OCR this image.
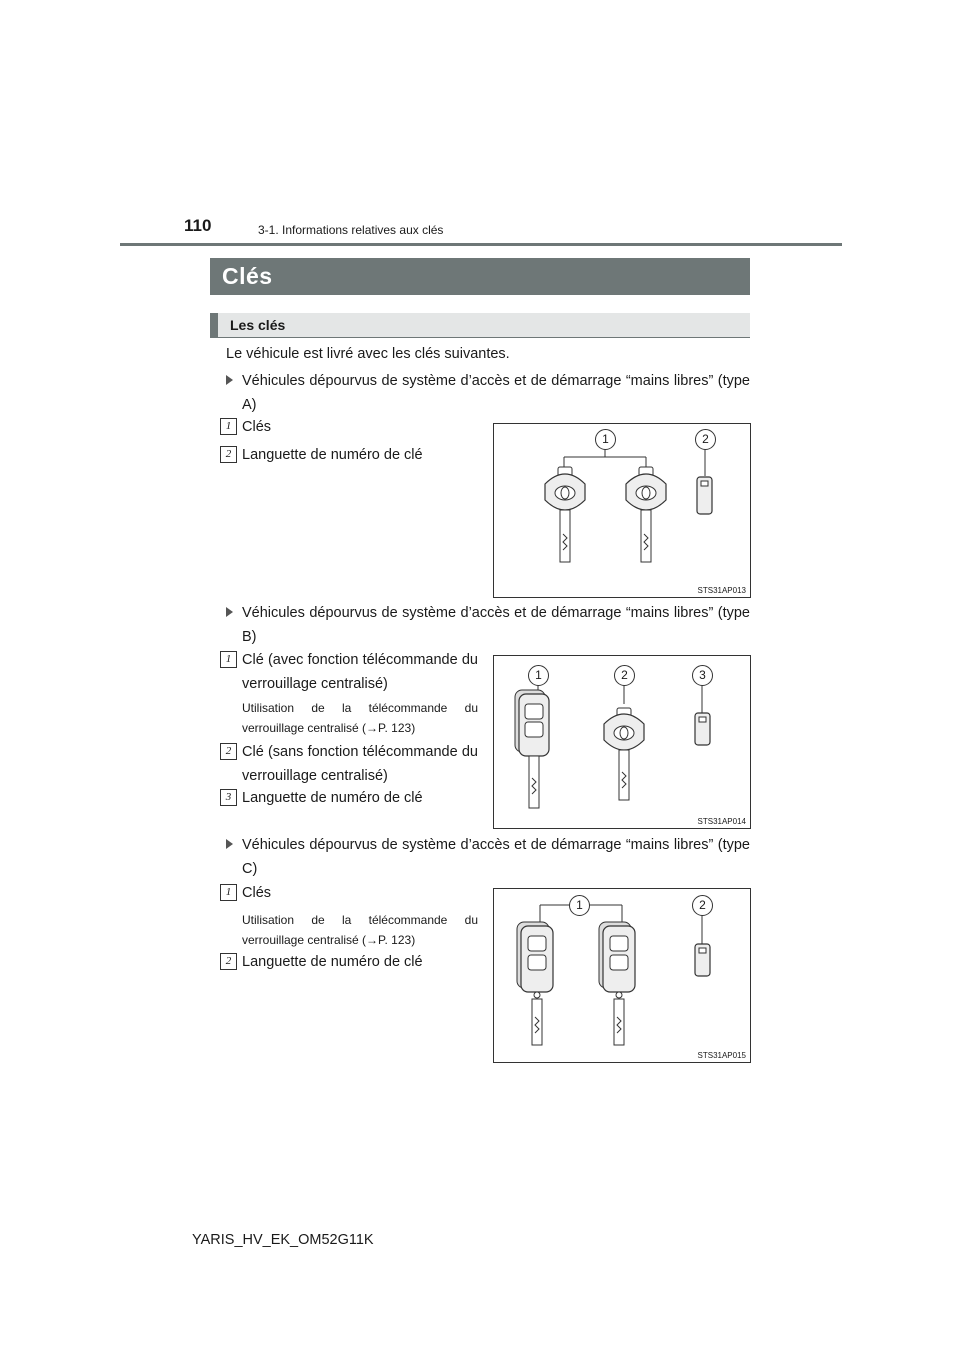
110	3-1. Informations relatives aux clés
Clés
Les clés
Le véhicule est livré avec les clés suivantes.
Véhicules dépourvus de système d’accès et de démarrage “mains libres” (type A)
1 Clés
2 Languette de numéro de clé
1	2
STS31AP013
Véhicules dépourvus de système d’accès et de démarrage “mains libres” (type B)
1 Clé (avec fonction télécommande du verrouillage centralisé)
Utilisation de la télécommande du verrouillage centralisé (→P. 123)
2 Clé (sans fonction télécommande du verrouillage centralisé)
3 Languette de numéro de clé
1	2	3
STS31AP014
Véhicules dépourvus de système d’accès et de démarrage “mains libres” (type C)
1 Clés
Utilisation de la télécommande du verrouillage centralisé (→P. 123)
2 Languette de numéro de clé
1	2
STS31AP015
YARIS_HV_EK_OM52G11K
